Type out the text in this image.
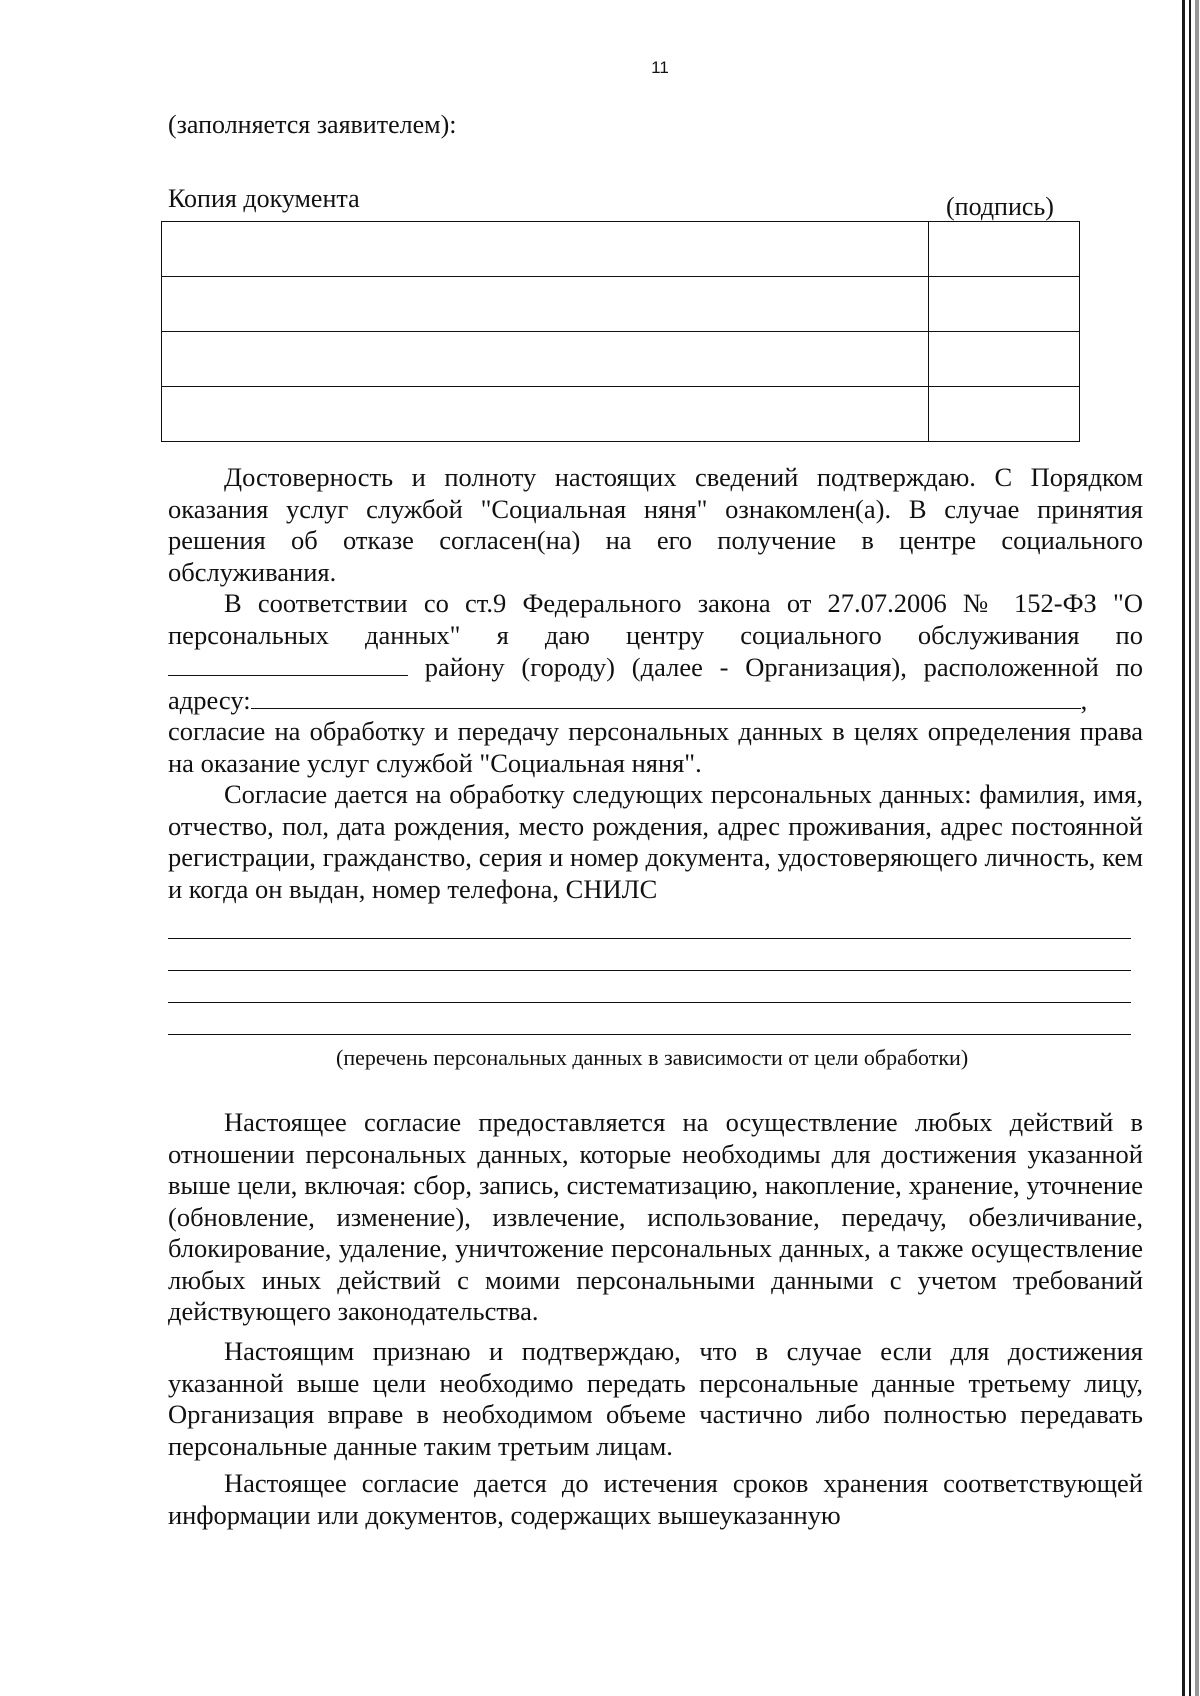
11
(заполняется заявителем):
Копия документа	(подпись)

Достоверность и полноту настоящих сведений подтверждаю. С Порядком оказания услуг службой "Социальная няня" ознакомлен(а). В случае принятия решения об отказе согласен(на) на его получение в центре социального обслуживания.

В соответствии со ст.9 Федерального закона от 27.07.2006 № 152-ФЗ "О персональных данных" я даю центру социального обслуживания по  району (городу) (далее - Организация), расположенной по адресу:	, согласие на обработку и передачу персональных данных в целях определения права на оказание услуг службой "Социальная няня".

Согласие дается на обработку следующих персональных данных: фамилия, имя, отчество, пол, дата рождения, место рождения, адрес проживания, адрес постоянной регистрации, гражданство, серия и номер документа, удостоверяющего личность, кем и когда он выдан, номер телефона, СНИЛС

(перечень персональных данных в зависимости от цели обработки)

Настоящее согласие предоставляется на осуществление любых действий в отношении персональных данных, которые необходимы для достижения указанной выше цели, включая: сбор, запись, систематизацию, накопление, хранение, уточнение (обновление, изменение), извлечение, использование, передачу, обезличивание, блокирование, удаление, уничтожение персональных данных, а также осуществление любых иных действий с моими персональными данными с учетом требований действующего законодательства.

Настоящим признаю и подтверждаю, что в случае если для достижения указанной выше цели необходимо передать персональные данные третьему лицу, Организация вправе в необходимом объеме частично либо полностью передавать персональные данные таким третьим лицам.

Настоящее согласие дается до истечения сроков хранения соответствующей информации или документов, содержащих вышеуказанную
